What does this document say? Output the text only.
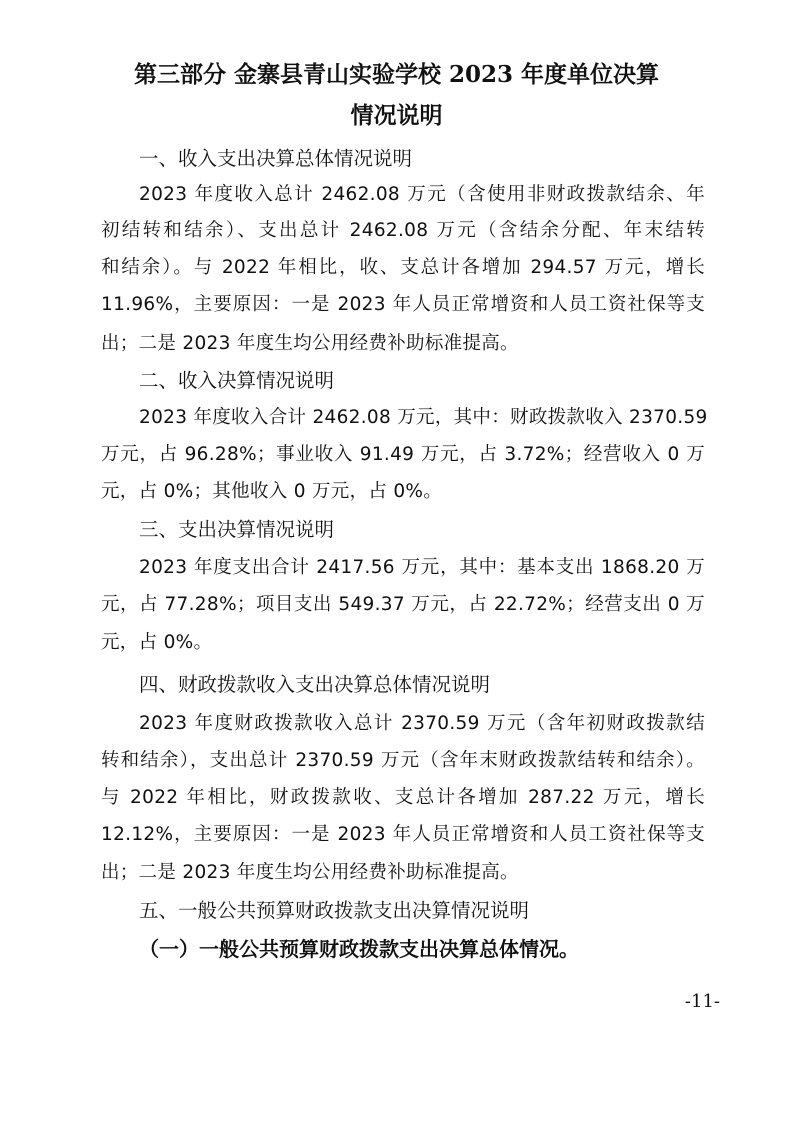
第三部分 金寨县青山实验学校 2023 年度单位决算
情况说明
一、收入支出决算总体情况说明
2023 年度收入总计 2462.08 万元（含使用非财政拨款结余、年
初结转和结余）、支出总计 2462.08 万元（含结余分配、年末结转
和结余）。与 2022 年相比，收、支总计各增加 294.57 万元，增长
11.96%，主要原因：一是 2023 年人员正常增资和人员工资社保等支
出；二是 2023 年度生均公用经费补助标准提高。
二、收入决算情况说明
2023 年度收入合计 2462.08 万元，其中：财政拨款收入 2370.59
万元，占 96.28%；事业收入 91.49 万元，占 3.72%；经营收入 0 万
元，占 0%；其他收入 0 万元，占 0%。
三、支出决算情况说明
2023 年度支出合计 2417.56 万元，其中：基本支出 1868.20 万
元，占 77.28%；项目支出 549.37 万元，占 22.72%；经营支出 0 万
元，占 0%。
四、财政拨款收入支出决算总体情况说明
2023 年度财政拨款收入总计 2370.59 万元（含年初财政拨款结
转和结余），支出总计 2370.59 万元（含年末财政拨款结转和结余）。
与 2022 年相比，财政拨款收、支总计各增加 287.22 万元，增长
12.12%，主要原因：一是 2023 年人员正常增资和人员工资社保等支
出；二是 2023 年度生均公用经费补助标准提高。
五、一般公共预算财政拨款支出决算情况说明
（一）一般公共预算财政拨款支出决算总体情况。
-11-
